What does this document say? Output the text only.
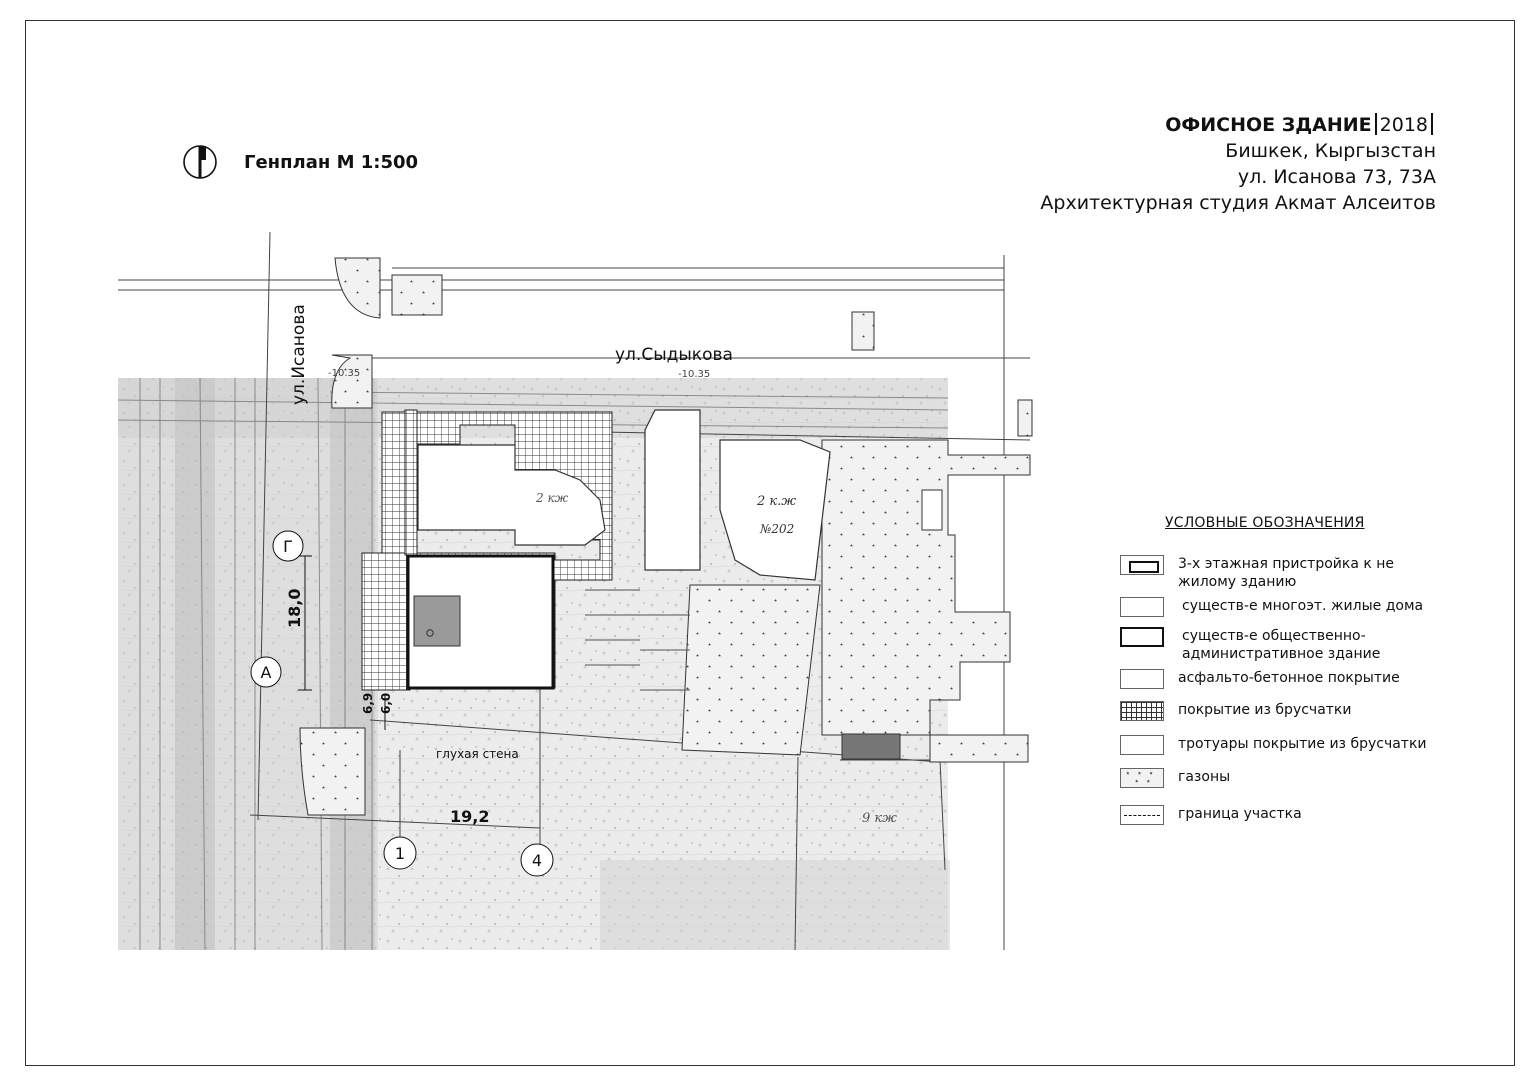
ОФИСНОЕ ЗДАНИЕ 2018
Бишкек, Кыргызстан
ул. Исанова 73, 73А
Архитектурная студия Акмат Алсеитов
Генплан М 1:500
ул.Исанова	ул.Сыдыкова
глухая стена
19,2
18,0
6,9 6,0
2 кж	2 к.ж
№202
9 кж
-10.35	-10.35
Г
А
1	4
УСЛОВНЫЕ ОБОЗНАЧЕНИЯ
3-х этажная пристройка к не жилому зданию
существ-е многоэт. жилые дома
существ-е общественно-административное здание
асфальто-бетонное покрытие
покрытие из брусчатки
тротуары покрытие из брусчатки
⋆⋆⋆
⋆⋆	газоны
граница участка
